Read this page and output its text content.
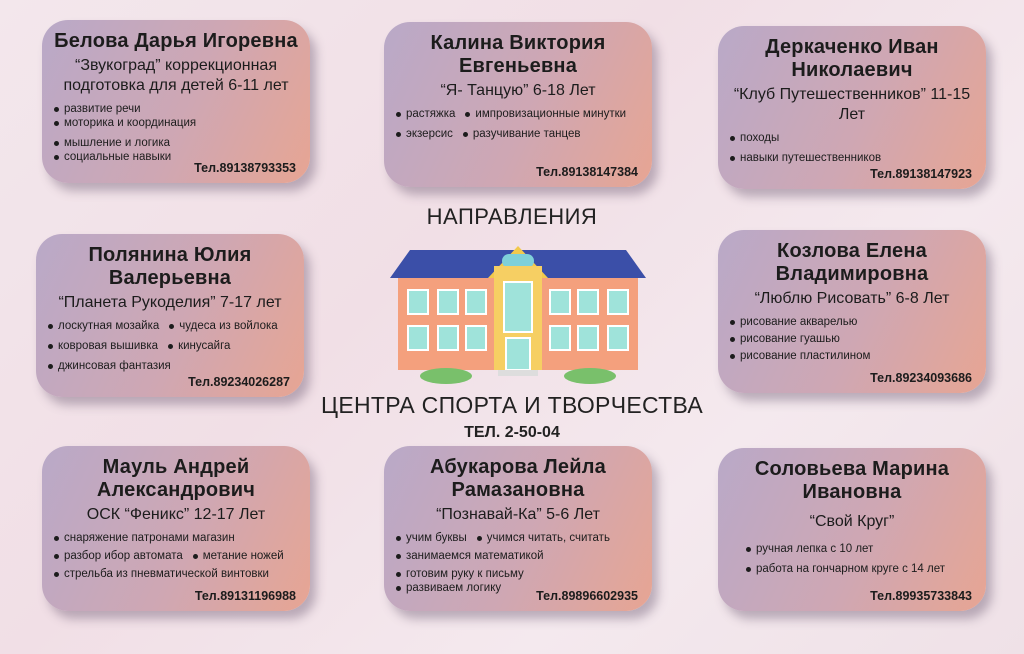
НАПРАВЛЕНИЯ
ЦЕНТРА СПОРТА И ТВОРЧЕСТВА
ТЕЛ. 2-50-04
Белова Дарья Игоревна
“Звукоград” коррекционная подготовка для детей 6-11 лет
развитие речи
моторика и координация
мышление и логика
социальные навыки
Тел.89138793353
Калина Виктория Евгеньевна
“Я- Танцую” 6-18 Лет
растяжка	импровизационные минутки
экзерсис	разучивание танцев
Тел.89138147384
Деркаченко Иван Николаевич
“Клуб Путешественников” 11-15 Лет
походы
навыки путешественников
Тел.89138147923
Полянина Юлия Валерьевна
“Планета Рукоделия” 7-17 лет
лоскутная мозайка	чудеса из войлока
ковровая вышивка	кинусайга
джинсовая фантазия
Тел.89234026287
Козлова Елена Владимировна
“Люблю Рисовать” 6-8 Лет
рисование акварелью
рисование гуашью
рисование пластилином
Тел.89234093686
Мауль Андрей Александрович
ОСК “Феникс” 12-17 Лет
снаряжение патронами магазин
разбор ибор автомата	метание ножей
стрельба из пневматической винтовки
Тел.89131196988
Абукарова Лейла Рамазановна
“Познавай-Ка” 5-6 Лет
учим буквы	учимся читать, считать
занимаемся математикой
готовим руку к письму
развиваем логику
Тел.89896602935
Соловьева Марина Ивановна
“Свой Круг”
ручная лепка с 10 лет
работа на гончарном круге с 14 лет
Тел.89935733843
